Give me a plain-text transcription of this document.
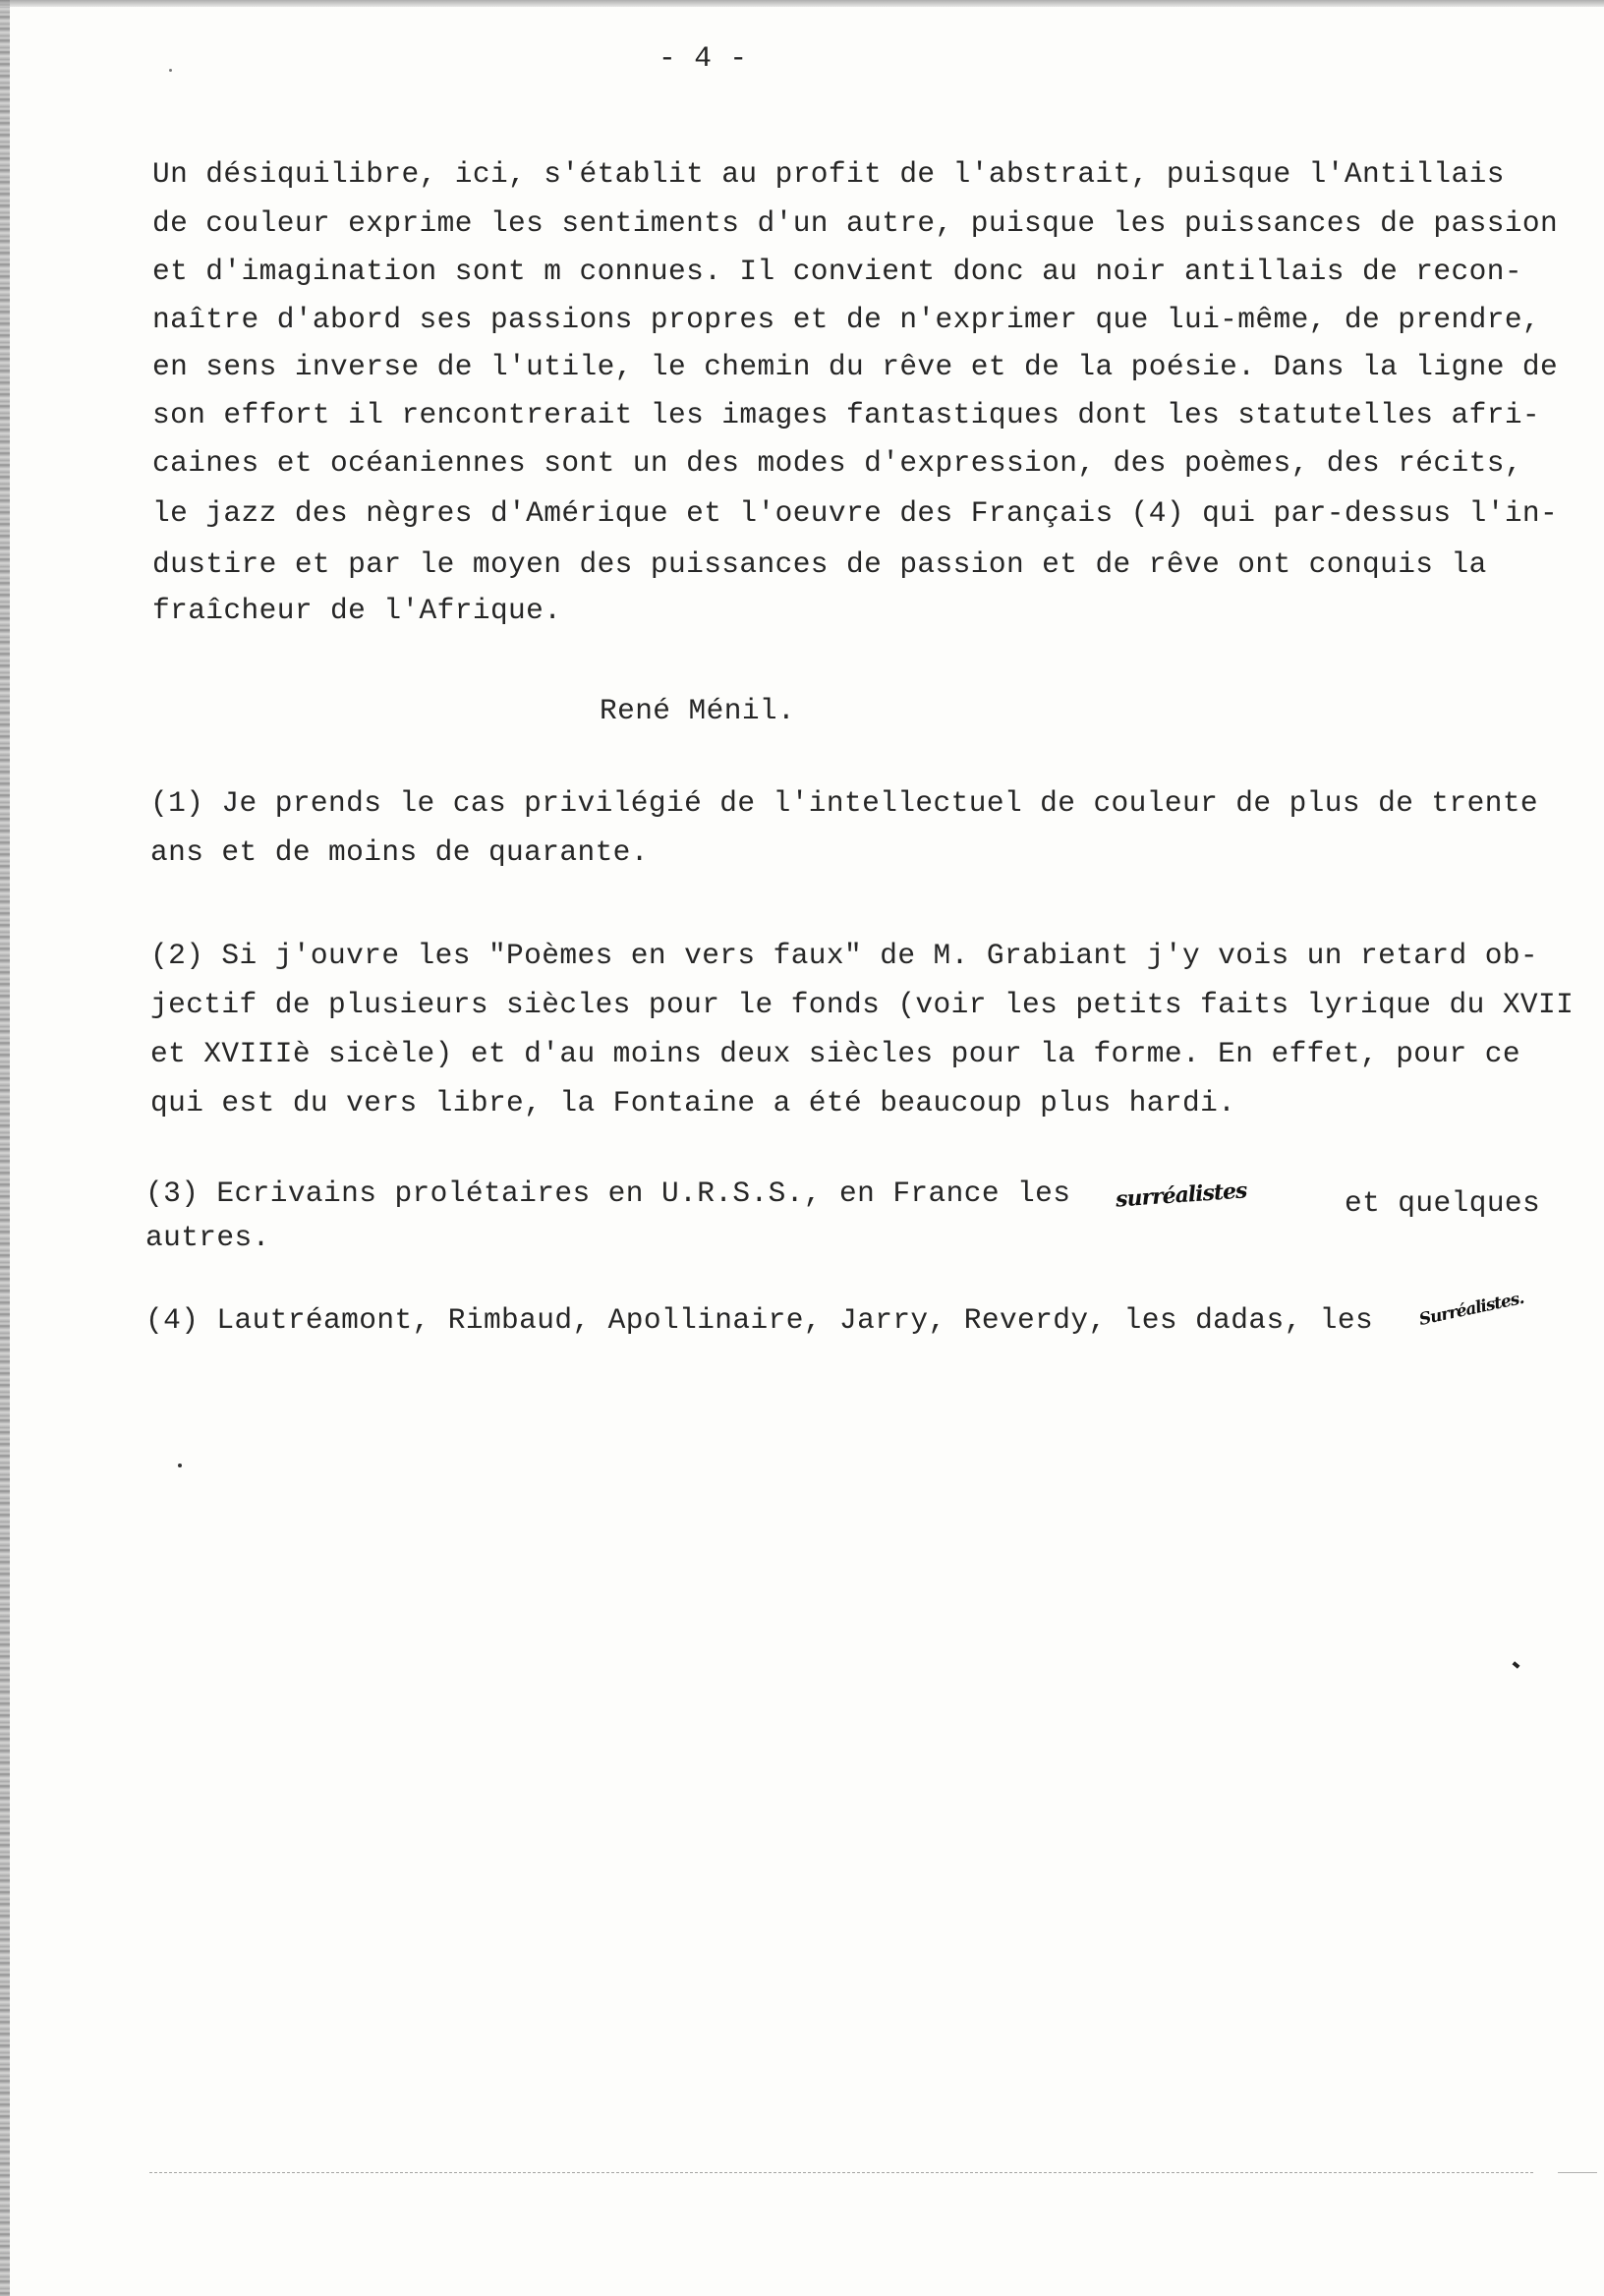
- 4 -
Un désiquilibre, ici, s'établit au profit de l'abstrait, puisque l'Antillais
de couleur exprime les sentiments d'un autre, puisque les puissances de passion
et d'imagination sont m connues. Il convient donc au noir antillais de recon-
naître d'abord ses passions propres et de n'exprimer que lui-même, de prendre,
en sens inverse de l'utile, le chemin du rêve et de la poésie. Dans la ligne de
son effort il rencontrerait les images fantastiques dont les statutelles afri-
caines et océaniennes sont un des modes d'expression, des poèmes, des récits,
le jazz des nègres d'Amérique et l'oeuvre des Français (4) qui par-dessus l'in-
dustire et par le moyen des puissances de passion et de rêve ont conquis la
fraîcheur de l'Afrique.
René Ménil.
(1) Je prends le cas privilégié de l'intellectuel de couleur de plus de trente
ans et de moins de quarante.
(2) Si j'ouvre les "Poèmes en vers faux" de M. Grabiant j'y vois un retard ob-
jectif de plusieurs siècles pour le fonds (voir les petits faits lyrique du XVII
et XVIIIè sicèle) et d'au moins deux siècles pour la forme. En effet, pour ce
qui est du vers libre, la Fontaine a été beaucoup plus hardi.
(3) Ecrivains prolétaires en U.R.S.S., en France les surréalistes	et quelques
autres.
(4) Lautréamont, Rimbaud, Apollinaire, Jarry, Reverdy, les dadas, les	Surréalistes.
